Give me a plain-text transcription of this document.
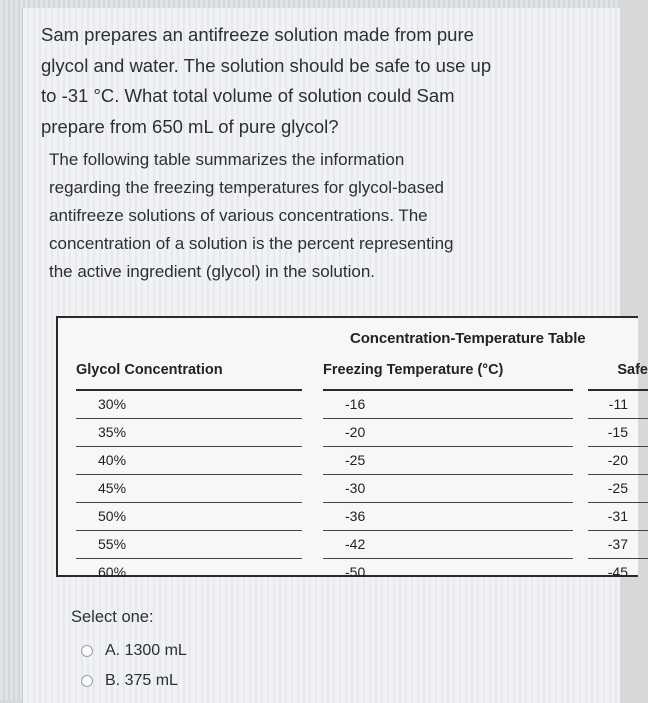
Sam prepares an antifreeze solution made from pure
glycol and water. The solution should be safe to use up
to -31 °C. What total volume of solution could Sam
prepare from 650 mL of pure glycol?
The following table summarizes the information
regarding the freezing temperatures for glycol-based
antifreeze solutions of various concentrations. The
concentration of a solution is the percent representing
the active ingredient (glycol) in the solution.
Concentration-Temperature Table
Glycol Concentration	Freezing Temperature (°C)	Safe
30%	-16	-11
35%	-20	-15
40%	-25	-20
45%	-30	-25
50%	-36	-31
55%	-42	-37
60%	-50	-45
Select one:
A. 1300 mL
B. 375 mL
